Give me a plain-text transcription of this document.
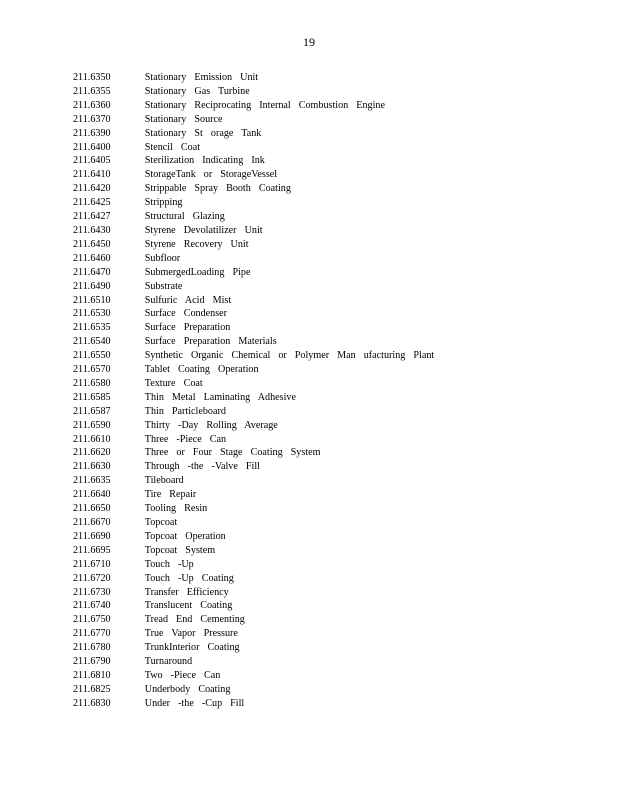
19
211.6350	Stationary Emission Unit
211.6355	Stationary Gas Turbine
211.6360	Stationary Reciprocating Internal Combustion Engine
211.6370	Stationary Source
211.6390	Stationary St orage Tank
211.6400	Stencil Coat
211.6405	Sterilization Indicating Ink
211.6410	StorageTank or StorageVessel
211.6420	Strippable Spray Booth Coating
211.6425	Stripping
211.6427	Structural Glazing
211.6430	Styrene Devolatilizer Unit
211.6450	Styrene Recovery Unit
211.6460	Subfloor
211.6470	SubmergedLoading Pipe
211.6490	Substrate
211.6510	Sulfuric Acid Mist
211.6530	Surface Condenser
211.6535	Surface Preparation
211.6540	Surface Preparation Materials
211.6550	Synthetic Organic Chemical or Polymer Man ufacturing Plant
211.6570	Tablet Coating Operation
211.6580	Texture Coat
211.6585	Thin Metal Laminating Adhesive
211.6587	Thin Particleboard
211.6590	Thirty -Day Rolling Average
211.6610	Three -Piece Can
211.6620	Three or Four Stage Coating System
211.6630	Through -the -Valve Fill
211.6635	Tileboard
211.6640	Tire Repair
211.6650	Tooling Resin
211.6670	Topcoat
211.6690	Topcoat Operation
211.6695	Topcoat System
211.6710	Touch -Up
211.6720	Touch -Up Coating
211.6730	Transfer Efficiency
211.6740	Translucent Coating
211.6750	Tread End Cementing
211.6770	True Vapor Pressure
211.6780	TrunkInterior Coating
211.6790	Turnaround
211.6810	Two -Piece Can
211.6825	Underbody Coating
211.6830	Under -the -Cup Fill
